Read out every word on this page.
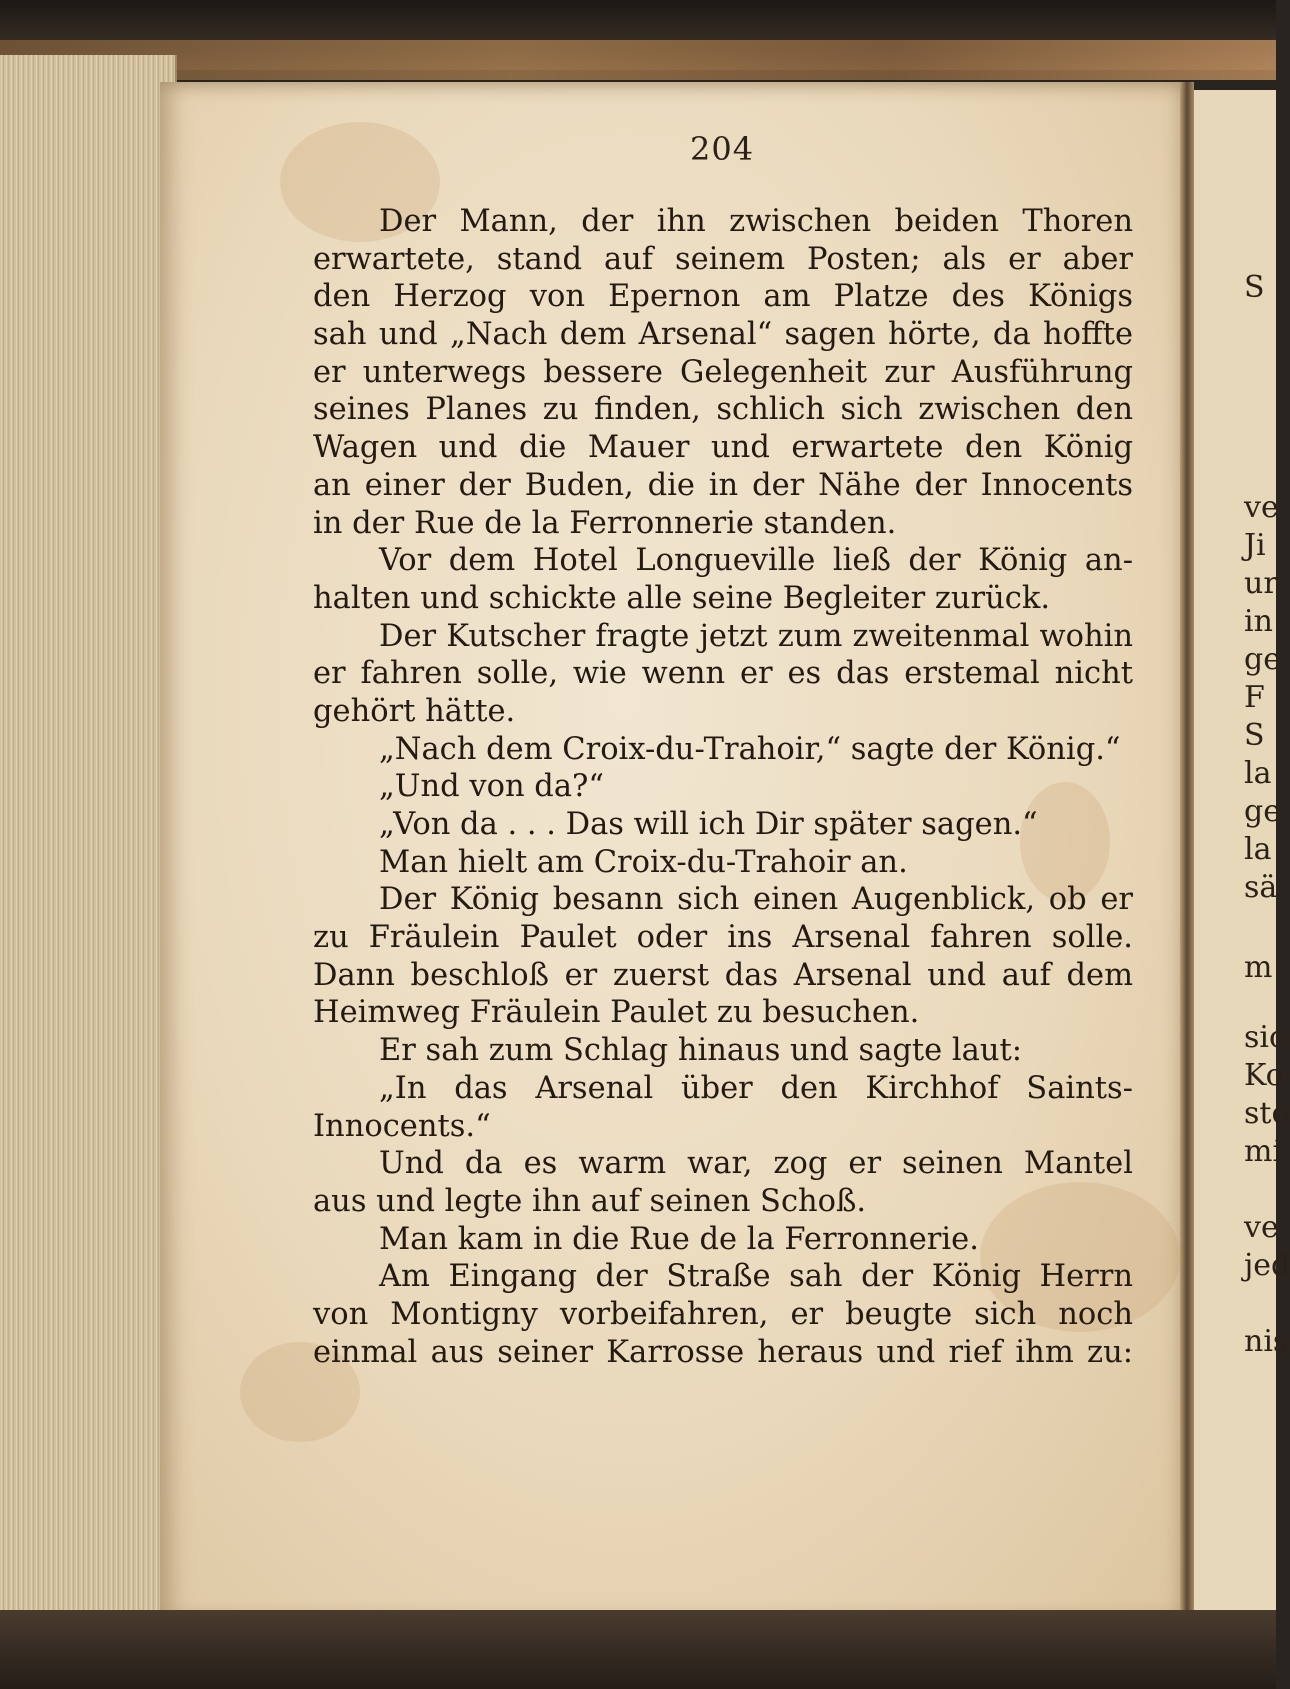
S
ve
Ji
ur
in
ge
F
S
la
ge
la
sä
m
sic
Ko
sto
mi
ve
jed
nis
204
Der Mann, der ihn zwischen beiden Thoren
erwartete, stand auf seinem Posten; als er aber
den Herzog von Epernon am Platze des Königs
sah und „Nach dem Arsenal“ sagen hörte, da hoffte
er unterwegs bessere Gelegenheit zur Ausführung
seines Planes zu finden, schlich sich zwischen den
Wagen und die Mauer und erwartete den König
an einer der Buden, die in der Nähe der Innocents
in der Rue de la Ferronnerie standen.
Vor dem Hotel Longueville ließ der König an-
halten und schickte alle seine Begleiter zurück.
Der Kutscher fragte jetzt zum zweitenmal wohin
er fahren solle, wie wenn er es das erstemal nicht
gehört hätte.
„Nach dem Croix-du-Trahoir,“ sagte der König.“
„Und von da?“
„Von da . . . Das will ich Dir später sagen.“
Man hielt am Croix-du-Trahoir an.
Der König besann sich einen Augenblick, ob er
zu Fräulein Paulet oder ins Arsenal fahren solle.
Dann beschloß er zuerst das Arsenal und auf dem
Heimweg Fräulein Paulet zu besuchen.
Er sah zum Schlag hinaus und sagte laut:
„In das Arsenal über den Kirchhof Saints-
Innocents.“
Und da es warm war, zog er seinen Mantel
aus und legte ihn auf seinen Schoß.
Man kam in die Rue de la Ferronnerie.
Am Eingang der Straße sah der König Herrn
von Montigny vorbeifahren, er beugte sich noch
einmal aus seiner Karrosse heraus und rief ihm zu:
